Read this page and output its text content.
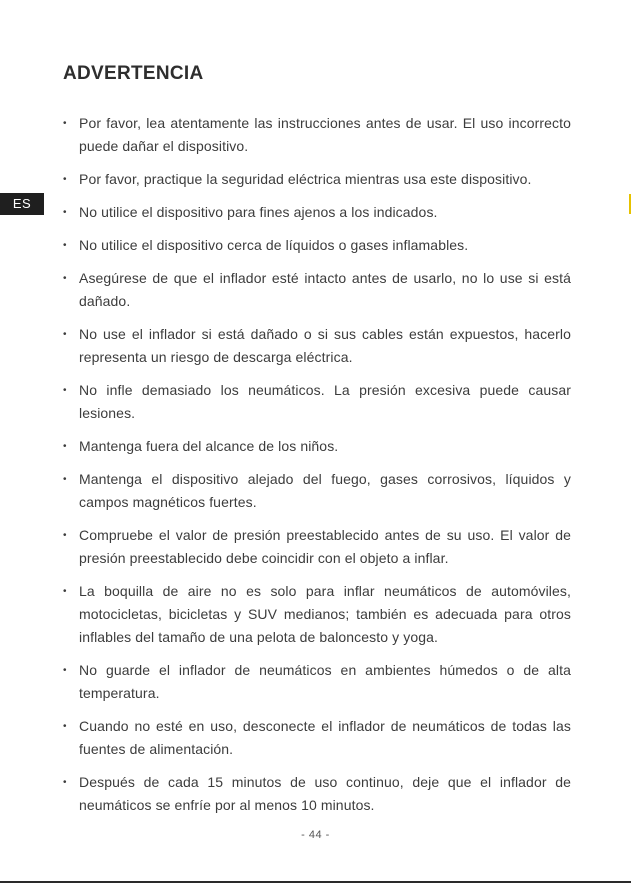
ES
ADVERTENCIA
• Por favor, lea atentamente las instrucciones antes de usar. El uso incorrecto puede dañar el dispositivo.
• Por favor, practique la seguridad eléctrica mientras usa este dispositivo.
• No utilice el dispositivo para fines ajenos a los indicados.
• No utilice el dispositivo cerca de líquidos o gases inflamables.
• Asegúrese de que el inflador esté intacto antes de usarlo, no lo use si está dañado.
• No use el inflador si está dañado o si sus cables están expuestos, hacerlo representa un riesgo de descarga eléctrica.
• No infle demasiado los neumáticos. La presión excesiva puede causar lesiones.
• Mantenga fuera del alcance de los niños.
• Mantenga el dispositivo alejado del fuego, gases corrosivos, líquidos y campos magnéticos fuertes.
• Compruebe el valor de presión preestablecido antes de su uso. El valor de presión preestablecido debe coincidir con el objeto a inflar.
• La boquilla de aire no es solo para inflar neumáticos de automóviles, motocicletas, bicicletas y SUV medianos; también es adecuada para otros inflables del tamaño de una pelota de baloncesto y yoga.
• No guarde el inflador de neumáticos en ambientes húmedos o de alta temperatura.
• Cuando no esté en uso, desconecte el inflador de neumáticos de todas las fuentes de alimentación.
• Después de cada 15 minutos de uso continuo, deje que el inflador de neumáticos se enfríe por al menos 10 minutos.
- 44 -
